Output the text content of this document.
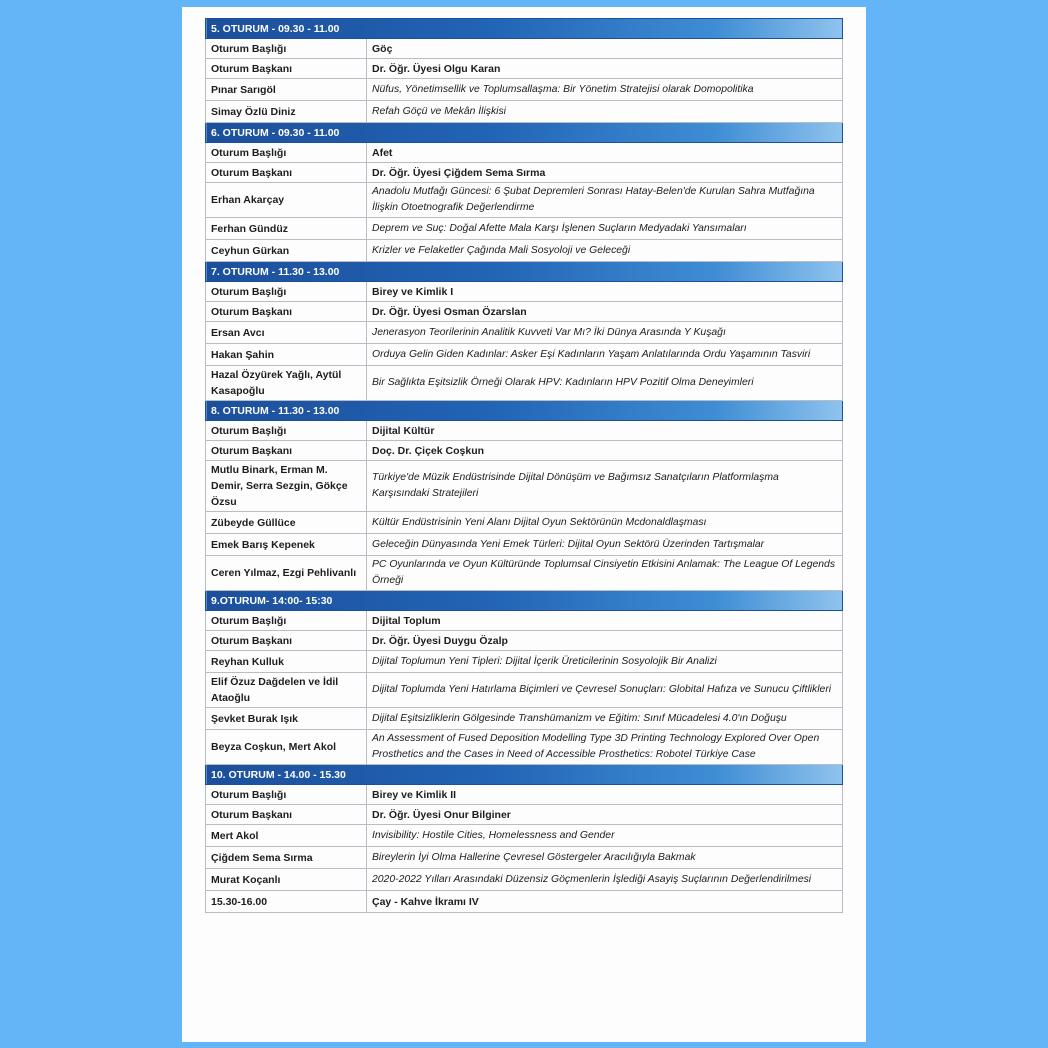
5. OTURUM - 09.30 - 11.00	
Oturum Başlığı	Göç
Oturum Başkanı	Dr. Öğr. Üyesi Olgu Karan
Pınar Sarıgöl	Nüfus, Yönetimsellik ve Toplumsallaşma: Bir Yönetim Stratejisi olarak Domopolitika
Simay Özlü Diniz	Refah Göçü ve Mekân İlişkisi
6. OTURUM - 09.30 - 11.00	
Oturum Başlığı	Afet
Oturum Başkanı	Dr. Öğr. Üyesi Çiğdem Sema Sırma
Erhan Akarçay	Anadolu Mutfağı Güncesi: 6 Şubat Depremleri Sonrası Hatay-Belen'de Kurulan Sahra Mutfağına İlişkin Otoetnografik Değerlendirme
Ferhan Gündüz	Deprem ve Suç: Doğal Afette Mala Karşı İşlenen Suçların Medyadaki Yansımaları
Ceyhun Gürkan	Krizler ve Felaketler Çağında Mali Sosyoloji ve Geleceği
7. OTURUM - 11.30 - 13.00	
Oturum Başlığı	Birey ve Kimlik I
Oturum Başkanı	Dr. Öğr. Üyesi Osman Özarslan
Ersan Avcı	Jenerasyon Teorilerinin Analitik Kuvveti Var Mı? İki Dünya Arasında Y Kuşağı
Hakan Şahin	Orduya Gelin Giden Kadınlar: Asker Eşi Kadınların Yaşam Anlatılarında Ordu Yaşamının Tasviri
Hazal Özyürek Yağlı, Aytül Kasapoğlu	Bir Sağlıkta Eşitsizlik Örneği Olarak HPV: Kadınların HPV Pozitif Olma Deneyimleri
8. OTURUM - 11.30 - 13.00	
Oturum Başlığı	Dijital Kültür
Oturum Başkanı	Doç. Dr. Çiçek Coşkun
Mutlu Binark, Erman M. Demir, Serra Sezgin, Gökçe Özsu	Türkiye'de Müzik Endüstrisinde Dijital Dönüşüm ve Bağımsız Sanatçıların Platformlaşma Karşısındaki Stratejileri
Zübeyde Güllüce	Kültür Endüstrisinin Yeni Alanı Dijital Oyun Sektörünün Mcdonaldlaşması
Emek Barış Kepenek	Geleceğin Dünyasında Yeni Emek Türleri: Dijital Oyun Sektörü Üzerinden Tartışmalar
Ceren Yılmaz, Ezgi Pehlivanlı	PC Oyunlarında ve Oyun Kültüründe Toplumsal Cinsiyetin Etkisini Anlamak: The League Of Legends Örneği
9.OTURUM- 14:00- 15:30	
Oturum Başlığı	Dijital Toplum
Oturum Başkanı	Dr. Öğr. Üyesi Duygu Özalp
Reyhan Kulluk	Dijital Toplumun Yeni Tipleri: Dijital İçerik Üreticilerinin Sosyolojik Bir Analizi
Elif Özuz Dağdelen ve İdil Ataoğlu	Dijital Toplumda Yeni Hatırlama Biçimleri ve Çevresel Sonuçları: Globital Hafıza ve Sunucu Çiftlikleri
Şevket Burak Işık	Dijital Eşitsizliklerin Gölgesinde Transhümanizm ve Eğitim: Sınıf Mücadelesi 4.0'ın Doğuşu
Beyza Coşkun, Mert Akol	An Assessment of Fused Deposition Modelling Type 3D Printing Technology Explored Over Open Prosthetics and the Cases in Need of Accessible Prosthetics: Robotel Türkiye Case
10. OTURUM - 14.00 - 15.30	
Oturum Başlığı	Birey ve Kimlik II
Oturum Başkanı	Dr. Öğr. Üyesi Onur Bilginer
Mert Akol	Invisibility: Hostile Cities, Homelessness and Gender
Çiğdem Sema Sırma	Bireylerin İyi Olma Hallerine Çevresel Göstergeler Aracılığıyla Bakmak
Murat Koçanlı	2020-2022 Yılları Arasındaki Düzensiz Göçmenlerin İşlediği Asayiş Suçlarının Değerlendirilmesi
15.30-16.00	Çay - Kahve İkramı IV
